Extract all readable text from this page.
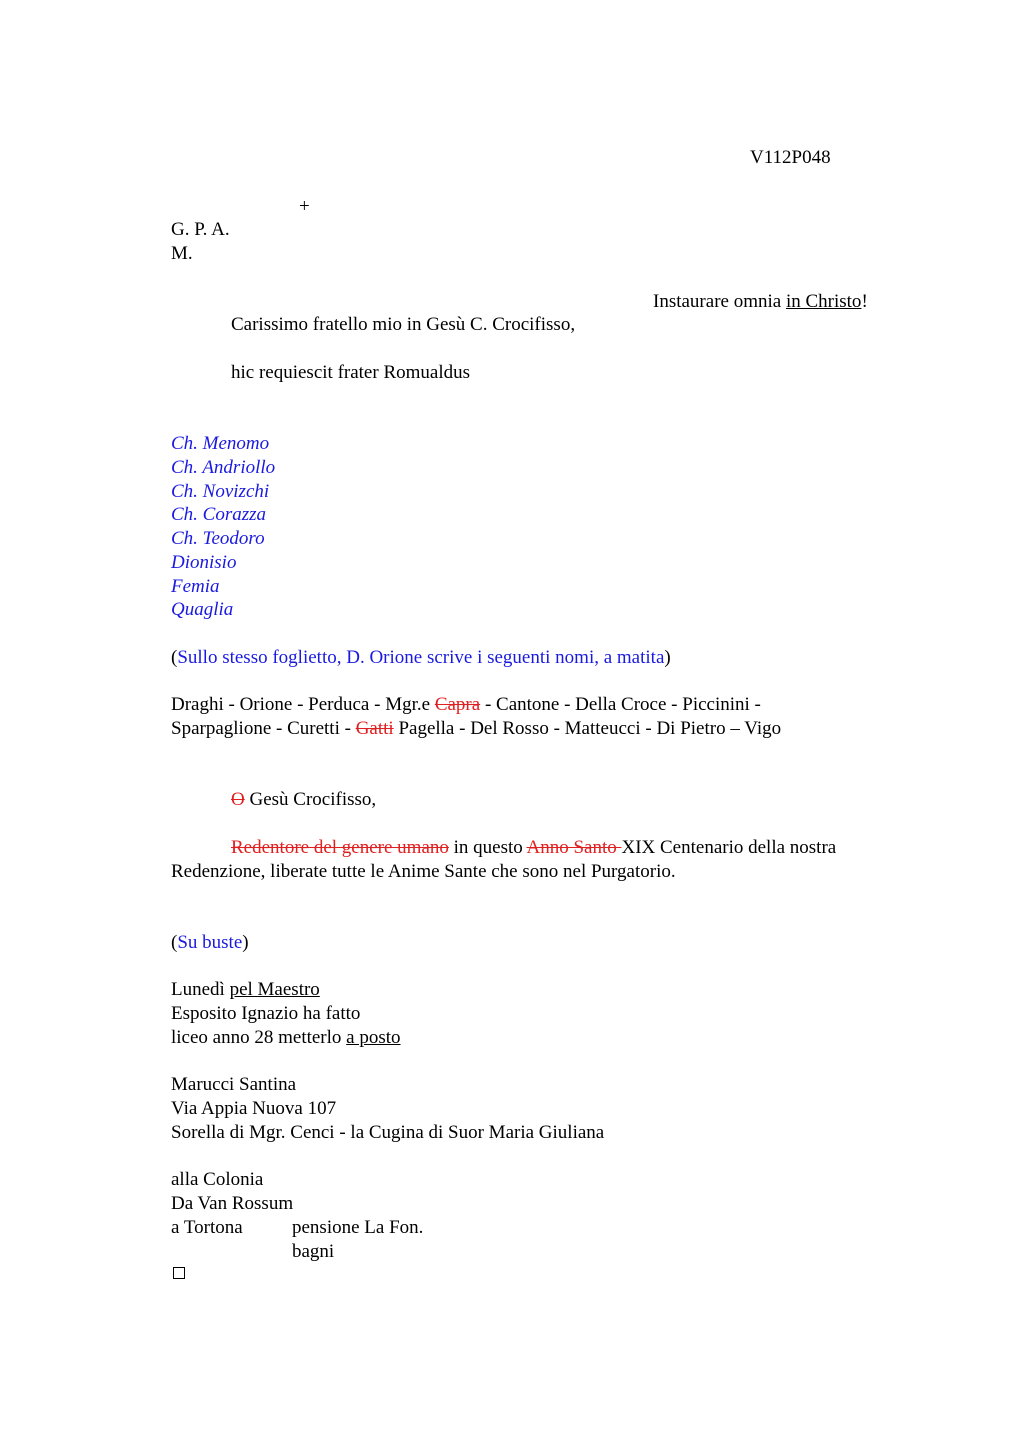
V112P048
+
G. P. A.
M.
Instaurare omnia in Christo!
Carissimo fratello mio in Gesù C. Crocifisso,
hic requiescit frater Romualdus
Ch. Menomo
Ch. Andriollo
Ch. Novizchi
Ch. Corazza
Ch. Teodoro
Dionisio
Femia
Quaglia
(Sullo stesso foglietto, D. Orione scrive i seguenti nomi, a matita)
Draghi - Orione - Perduca - Mgr.e Capra - Cantone - Della Croce - Piccinini -
Sparpaglione - Curetti - Gatti Pagella - Del Rosso - Matteucci - Di Pietro – Vigo
O Gesù Crocifisso,
Redentore del genere umano in questo Anno Santo XIX Centenario della nostra
Redenzione, liberate tutte le Anime Sante che sono nel Purgatorio.
(Su buste)
Lunedì pel Maestro
Esposito Ignazio ha fatto
liceo anno 28 metterlo a posto
Marucci Santina
Via Appia Nuova 107
Sorella di Mgr. Cenci - la Cugina di Suor Maria Giuliana
alla Colonia
Da Van Rossum
a Tortona	pensione La Fon.
bagni
